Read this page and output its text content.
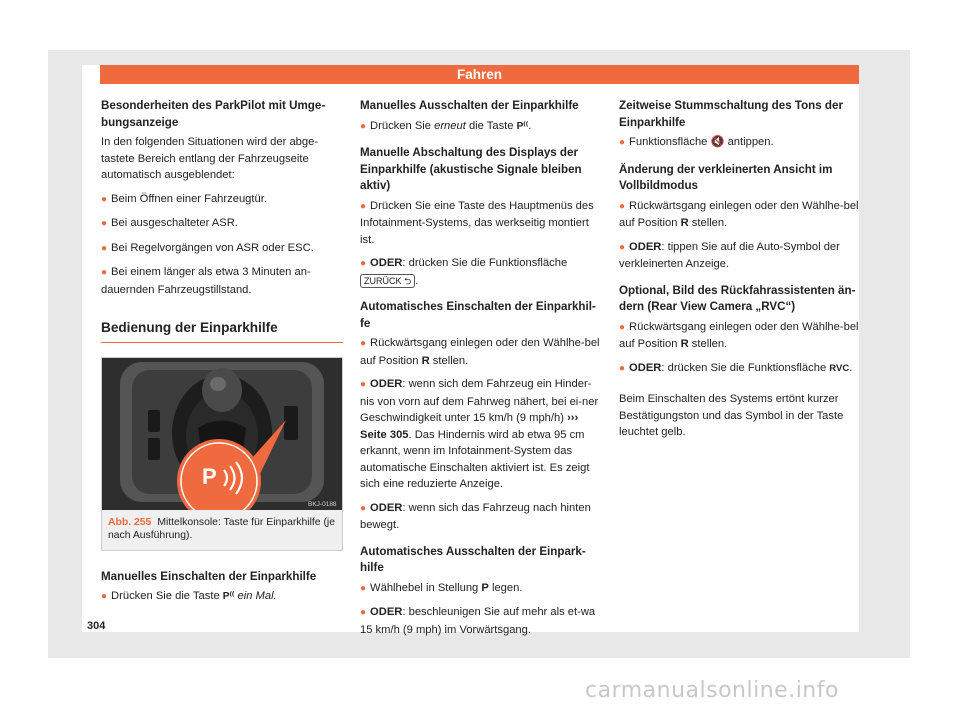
Fahren
Besonderheiten des ParkPilot mit Umge-bungsanzeige

In den folgenden Situationen wird der abge-tastete Bereich entlang der Fahrzeugseite automatisch ausgeblendet:

● Beim Öffnen einer Fahrzeugtür.

● Bei ausgeschalteter ASR.

● Bei Regelvorgängen von ASR oder ESC.

● Bei einem länger als etwa 3 Minuten an-dauernden Fahrzeugstillstand.

Bedienung der Einparkhilfe
P
BKJ-0188
Abb. 255 Mittelkonsole: Taste für Einparkhilfe (je nach Ausführung).
Manuelles Einschalten der Einparkhilfe

● Drücken Sie die Taste P⁽⁽ ein Mal.

Manuelles Ausschalten der Einparkhilfe

● Drücken Sie erneut die Taste P⁽⁽.

Manuelle Abschaltung des Displays der Einparkhilfe (akustische Signale bleiben aktiv)

● Drücken Sie eine Taste des Hauptmenüs des Infotainment-Systems, das werkseitig montiert ist.

● ODER: drücken Sie die Funktionsfläche ZURÜCK ⮌ .

Automatisches Einschalten der Einparkhil-fe

● Rückwärtsgang einlegen oder den Wählhe-bel auf Position R stellen.

● ODER: wenn sich dem Fahrzeug ein Hinder-nis von vorn auf dem Fahrweg nähert, bei ei-ner Geschwindigkeit unter 15 km/h (9 mph/h) ››› Seite 305. Das Hindernis wird ab etwa 95 cm erkannt, wenn im Infotainment-System das automatische Einschalten aktiviert ist. Es zeigt sich eine reduzierte Anzeige.

● ODER: wenn sich das Fahrzeug nach hinten bewegt.

Automatisches Ausschalten der Einpark-hilfe

● Wählhebel in Stellung P legen.

● ODER: beschleunigen Sie auf mehr als et-wa 15 km/h (9 mph) im Vorwärtsgang.

Zeitweise Stummschaltung des Tons der Einparkhilfe

● Funktionsfläche 🔇 antippen.

Änderung der verkleinerten Ansicht im Vollbildmodus

● Rückwärtsgang einlegen oder den Wählhe-bel auf Position R stellen.

● ODER: tippen Sie auf die Auto-Symbol der verkleinerten Anzeige.

Optional, Bild des Rückfahrassistenten än-dern (Rear View Camera „RVC“)

● Rückwärtsgang einlegen oder den Wählhe-bel auf Position R stellen.

● ODER: drücken Sie die Funktionsfläche RVC.

Beim Einschalten des Systems ertönt kurzer Bestätigungston und das Symbol in der Taste leuchtet gelb.

304
carmanualsonline.info
